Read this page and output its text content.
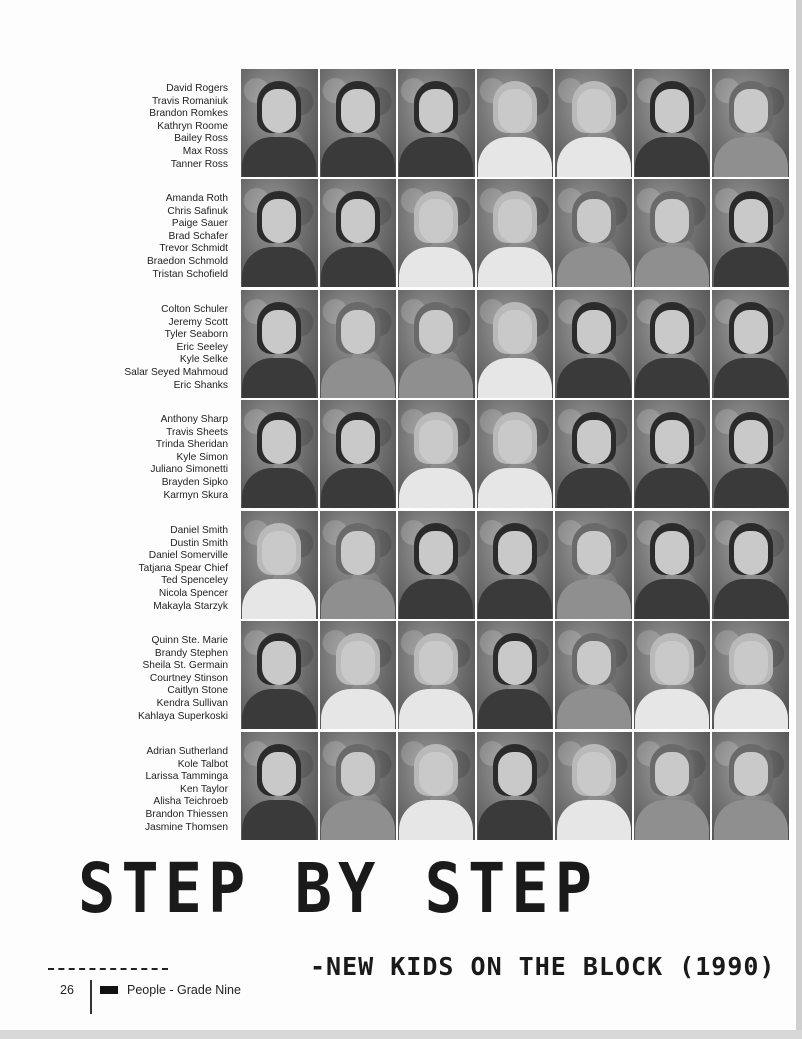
David Rogers
Travis Romaniuk
Brandon Romkes
Kathryn Roome
Bailey Ross
Max Ross
Tanner Ross
Amanda Roth
Chris Safinuk
Paige Sauer
Brad Schafer
Trevor Schmidt
Braedon Schmold
Tristan Schofield
Colton Schuler
Jeremy Scott
Tyler Seaborn
Eric Seeley
Kyle Selke
Salar Seyed Mahmoud
Eric Shanks
Anthony Sharp
Travis Sheets
Trinda Sheridan
Kyle Simon
Juliano Simonetti
Brayden Sipko
Karmyn Skura
Daniel Smith
Dustin Smith
Daniel Somerville
Tatjana Spear Chief
Ted Spenceley
Nicola Spencer
Makayla Starzyk
Quinn Ste. Marie
Brandy Stephen
Sheila St. Germain
Courtney Stinson
Caitlyn Stone
Kendra Sullivan
Kahlaya Superkoski
Adrian Sutherland
Kole Talbot
Larissa Tamminga
Ken Taylor
Alisha Teichroeb
Brandon Thiessen
Jasmine Thomsen
STEP BY STEP
-NEW KIDS ON THE BLOCK (1990)
26	People - Grade Nine
